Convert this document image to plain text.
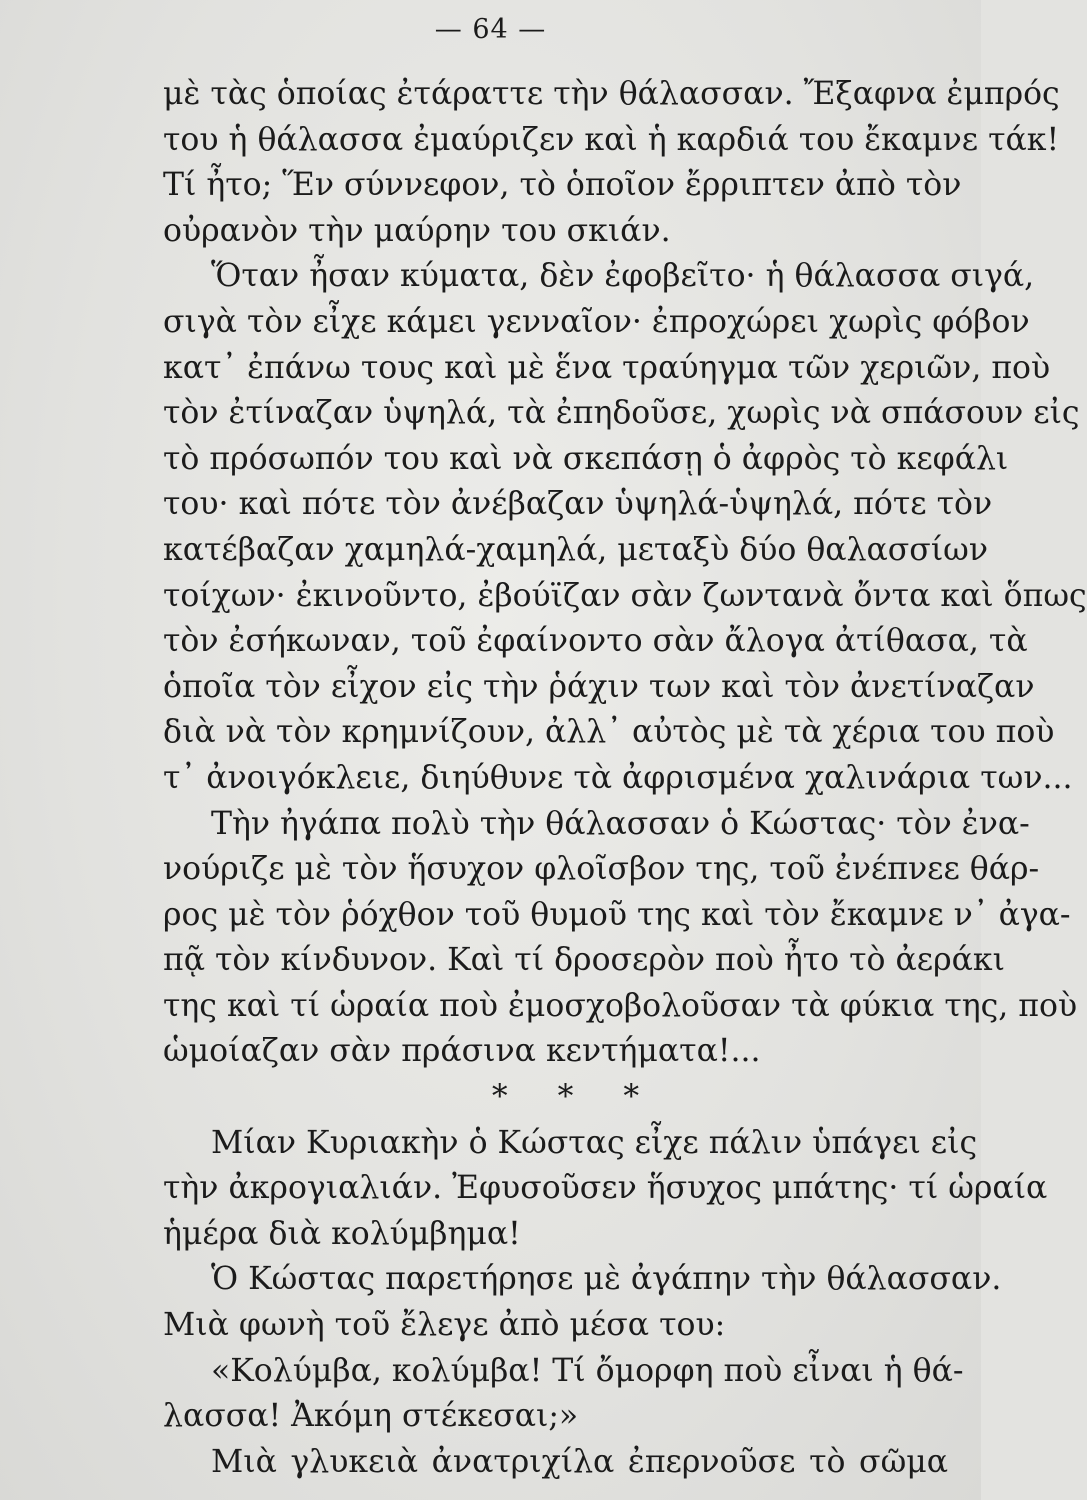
— 64 —
μὲ τὰς ὁποίας ἐτάραττε τὴν θάλασσαν. Ἔξαφνα ἐμπρός
του ἡ θάλασσα ἐμαύριζεν καὶ ἡ καρδιά του ἔκαμνε τάκ!
Τί ἦτο; Ἕν σύννεφον, τὸ ὁποῖον ἔρριπτεν ἀπὸ τὸν
οὐρανὸν τὴν μαύρην του σκιάν.
Ὅταν ἦσαν κύματα, δὲν ἐφοβεῖτο· ἡ θάλασσα σιγά,
σιγὰ τὸν εἶχε κάμει γενναῖον· ἐπροχώρει χωρὶς φόβον
κατ᾿ ἐπάνω τους καὶ μὲ ἕνα τραύηγμα τῶν χεριῶν, ποὺ
τὸν ἐτίναζαν ὑψηλά, τὰ ἐπηδοῦσε, χωρὶς νὰ σπάσουν εἰς
τὸ πρόσωπόν του καὶ νὰ σκεπάσῃ ὁ ἀφρὸς τὸ κεφάλι
του· καὶ πότε τὸν ἀνέβαζαν ὑψηλά-ὑψηλά, πότε τὸν
κατέβαζαν χαμηλά-χαμηλά, μεταξὺ δύο θαλασσίων
τοίχων· ἐκινοῦντο, ἐβούϊζαν σὰν ζωντανὰ ὄντα καὶ ὅπως
τὸν ἐσήκωναν, τοῦ ἐφαίνοντο σὰν ἄλογα ἀτίθασα, τὰ
ὁποῖα τὸν εἶχον εἰς τὴν ῥάχιν των καὶ τὸν ἀνετίναζαν
διὰ νὰ τὸν κρημνίζουν, ἀλλ᾿ αὐτὸς μὲ τὰ χέρια του ποὺ
τ᾿ ἀνοιγόκλειε, διηύθυνε τὰ ἀφρισμένα χαλινάρια των...
Τὴν ἠγάπα πολὺ τὴν θάλασσαν ὁ Κώστας· τὸν ἐνα-
νούριζε μὲ τὸν ἥσυχον φλοῖσβον της, τοῦ ἐνέπνεε θάρ-
ρος μὲ τὸν ῥόχθον τοῦ θυμοῦ της καὶ τὸν ἔκαμνε ν᾿ ἀγα-
πᾷ τὸν κίνδυνον. Καὶ τί δροσερὸν ποὺ ἦτο τὸ ἀεράκι
της καὶ τί ὡραία ποὺ ἐμοσχοβολοῦσαν τὰ φύκια της, ποὺ
ὡμοίαζαν σὰν πράσινα κεντήματα!...
* * *
Μίαν Κυριακὴν ὁ Κώστας εἶχε πάλιν ὑπάγει εἰς
τὴν ἀκρογιαλιάν. Ἐφυσοῦσεν ἥσυχος μπάτης· τί ὡραία
ἡμέρα διὰ κολύμβημα!
Ὁ Κώστας παρετήρησε μὲ ἀγάπην τὴν θάλασσαν.
Μιὰ φωνὴ τοῦ ἔλεγε ἀπὸ μέσα του:
«Κολύμβα, κολύμβα! Τί ὄμορφη ποὺ εἶναι ἡ θά-
λασσα! Ἀκόμη στέκεσαι;»
Μιὰ γλυκειὰ ἀνατριχίλα ἐπερνοῦσε τὸ σῶμα
